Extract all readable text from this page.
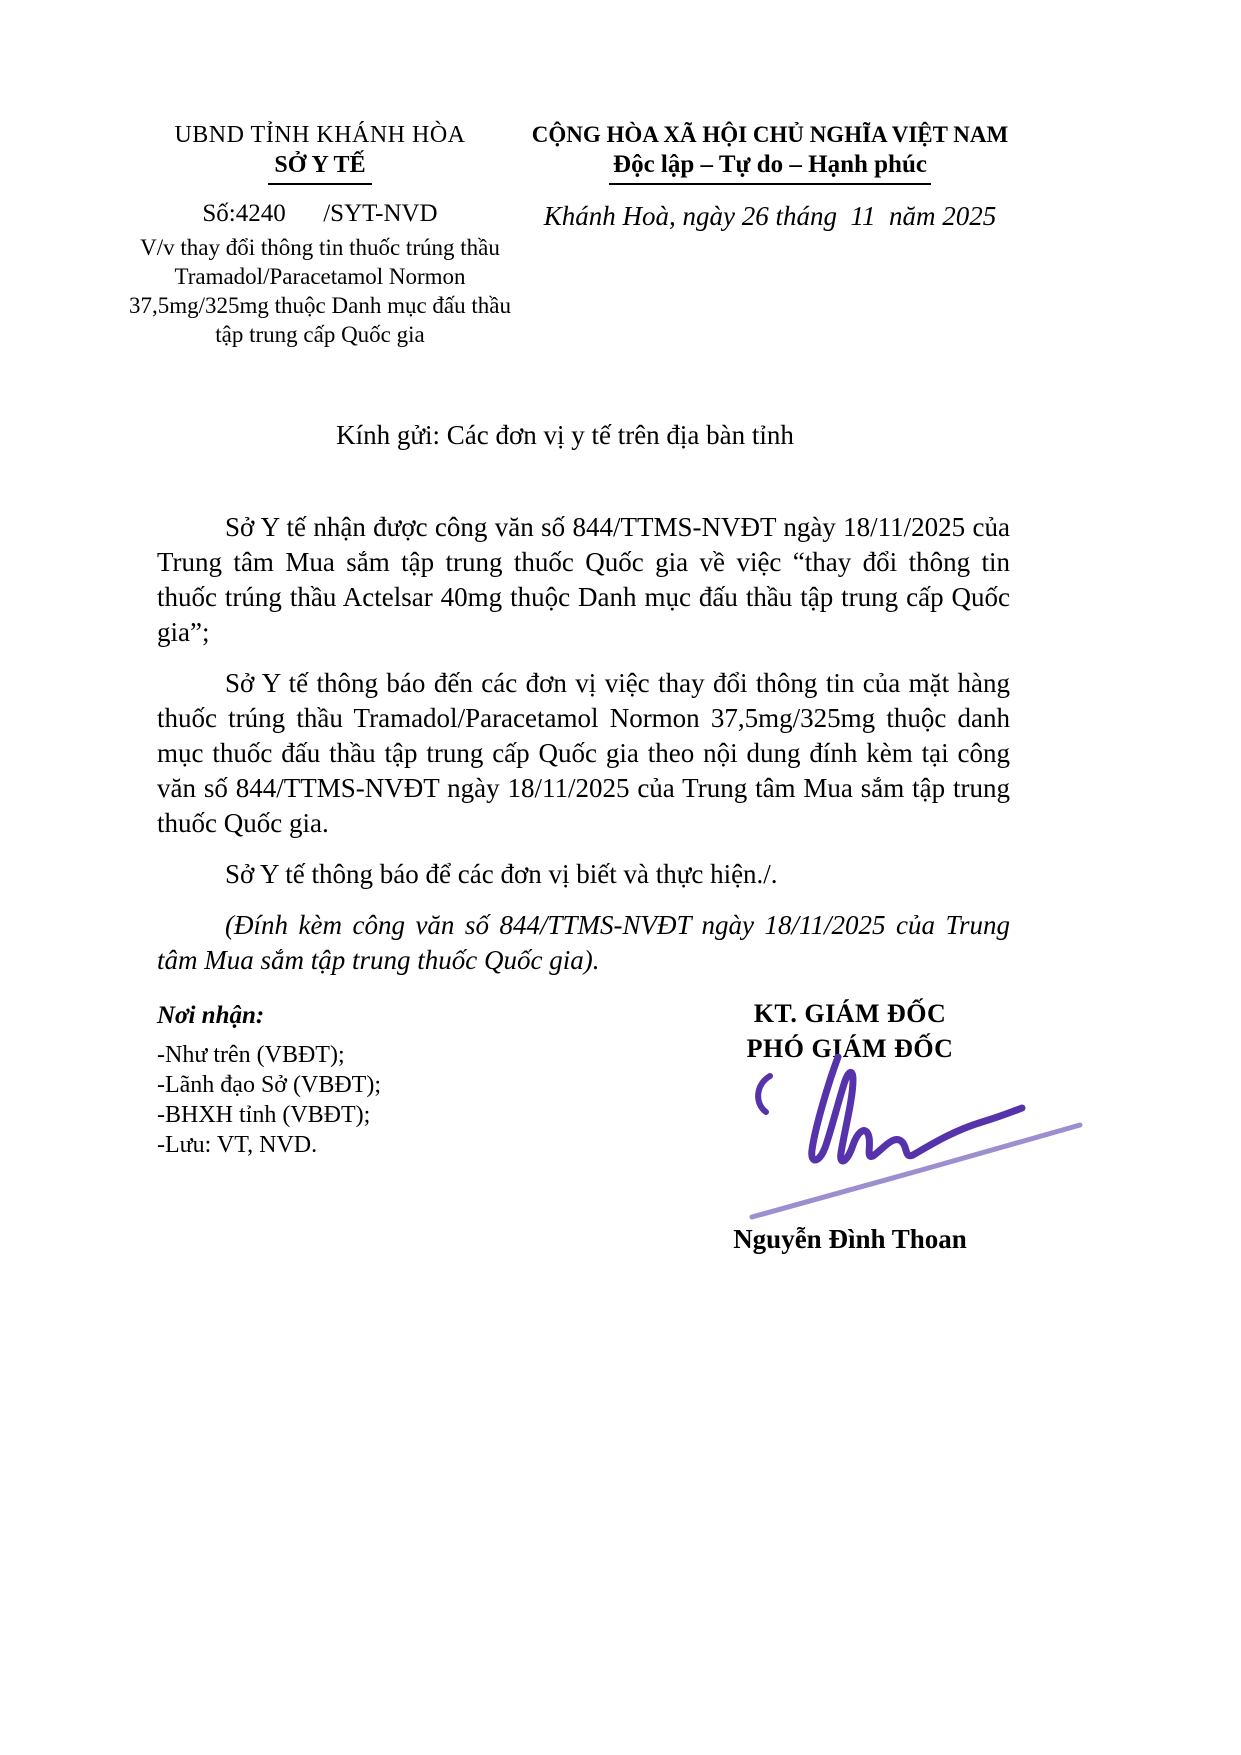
UBND TỈNH KHÁNH HÒA
SỞ Y TẾ
Số:4240      /SYT-NVD
V/v thay đổi thông tin thuốc trúng thầu
Tramadol/Paracetamol Normon
37,5mg/325mg thuộc Danh mục đấu thầu
tập trung cấp Quốc gia
CỘNG HÒA XÃ HỘI CHỦ NGHĨA VIỆT NAM
Độc lập – Tự do – Hạnh phúc
Khánh Hoà, ngày 26 tháng  11  năm 2025
Kính gửi: Các đơn vị y tế trên địa bàn tỉnh

Sở Y tế nhận được công văn số 844/TTMS-NVĐT ngày 18/11/2025 của Trung tâm Mua sắm tập trung thuốc Quốc gia về việc “thay đổi thông tin thuốc trúng thầu Actelsar 40mg thuộc Danh mục đấu thầu tập trung cấp Quốc gia”;

Sở Y tế thông báo đến các đơn vị việc thay đổi thông tin của mặt hàng thuốc trúng thầu Tramadol/Paracetamol Normon 37,5mg/325mg thuộc danh mục thuốc đấu thầu tập trung cấp Quốc gia theo nội dung đính kèm tại công văn số 844/TTMS-NVĐT ngày 18/11/2025 của Trung tâm Mua sắm tập trung thuốc Quốc gia.

Sở Y tế thông báo để các đơn vị biết và thực hiện./.

(Đính kèm công văn số 844/TTMS-NVĐT ngày 18/11/2025 của Trung tâm Mua sắm tập trung thuốc Quốc gia).

Nơi nhận:
-Như trên (VBĐT);
-Lãnh đạo Sở (VBĐT);
-BHXH tỉnh (VBĐT);
-Lưu: VT, NVD.
KT. GIÁM ĐỐC
PHÓ GIÁM ĐỐC
Nguyễn Đình Thoan
